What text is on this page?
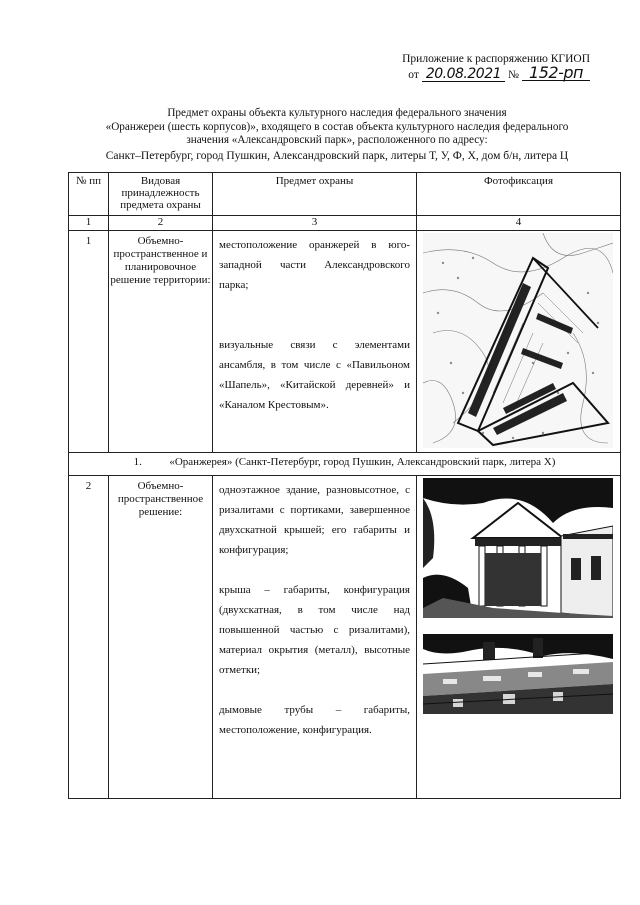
Приложение к распоряжению КГИОП
от 20.08.2021 № 152-рп
Предмет охраны объекта культурного наследия федерального значения
«Оранжереи (шесть корпусов)», входящего в состав объекта культурного наследия федерального
значения «Александровский парк», расположенного по адресу:
Санкт–Петербург, город Пушкин, Александровский парк, литеры Т, У, Ф, Х, дом б/н, литера Ц
№ пп	Видовая принадлежность предмета охраны	Предмет охраны	Фотофиксация
1	2	3	4
1	Объемно-пространственное и планировочное решение территории:	местоположение оранжерей в юго-западной части Александровского парка;

визуальные связи с элементами ансамбля, в том числе с «Павильоном «Шапель», «Китайской деревней» и «Каналом Крестовым».

1. «Оранжерея» (Санкт-Петербург, город Пушкин, Александровский парк, литера Х)			
2	Объемно-пространственное решение:	одноэтажное здание, разновысотное, с ризалитами с портиками, завершенное двухскатной крышей; его габариты и конфигурация;

крыша – габариты, конфигурация (двухскатная, в том числе над повышенной частью с ризалитами), материал окрытия (металл), высотные отметки;

дымовые трубы – габариты, местоположение, конфигурация.
